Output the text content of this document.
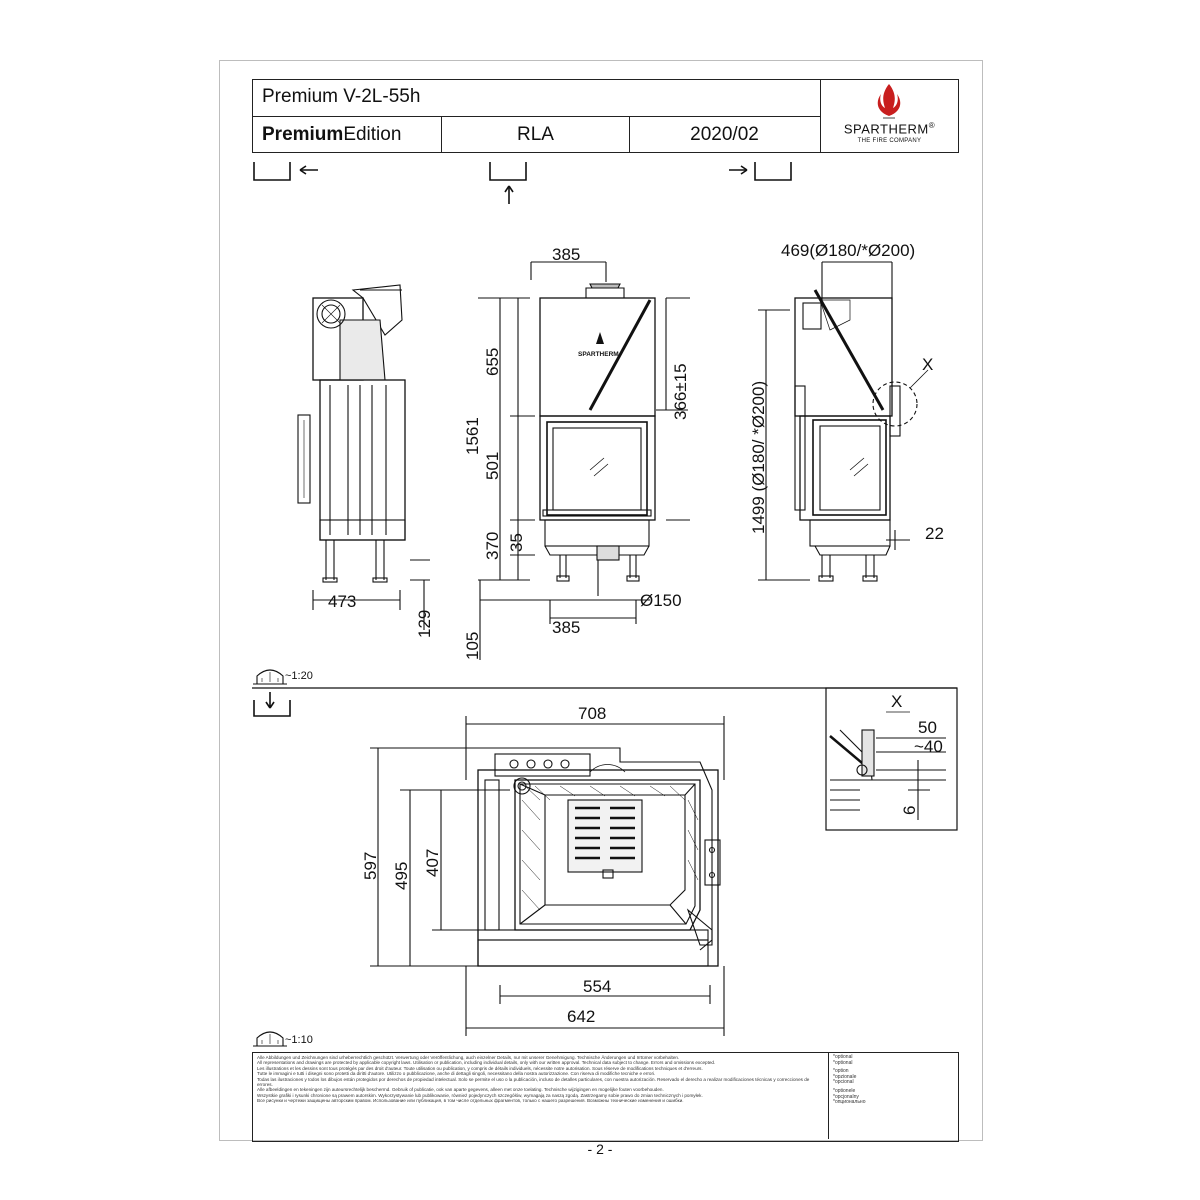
Premium V-2L-55h
PremiumEdition	RLA	2020/02	SPARTHERM®
THE FIRE COMPANY
473
129
385
655
1561
501
370 35
105
385
Ø150
366±15
469(Ø180/*Ø200)
1499 (Ø180/ *Ø200)
X
22
708
597 495 407
554
642
X
50
~40
6
SPARTHERM
~1:20
~1:10
Alle Abbildungen und Zeichnungen sind urheberrechtlich geschützt. Verwertung oder Veröffentlichung, auch einzelner Details, nur mit unserer Genehmigung. Technische Änderungen und Irrtümer vorbehalten.
All representations and drawings are protected by applicable copyright laws. Utilisation or publication, including individual details, only with our written approval. Technical data subject to change. Errors and omissions excepted.
Les illustrations et les dessins sont tous protégés par des droit d'auteur. Toute utilisation ou publication, y compris de détails individuels, nécessite notre autorisation. Sous réserve de modifications techniques et d'erreurs.
Tutte le immagini e tutti i disegni sono protetti da diritti d'autore. Utilizzo o pubblicazione, anche di dettagli singoli, necessitano della nostra autorizzazione. Con riserva di modifiche tecniche e errori.
Todas las ilustraciones y todos los dibujos están protegidos por derechos de propiedad intelectual. Solo se permite el uso o la publicación, incluso de detalles particulares, con nuestra autorización. Reservado el derecho a realizar modificaciones técnicas y correcciones de errores.
Alle afbeeldingen en tekeningen zijn auteursrechtelijk beschermd. Gebruik of publicatie, ook van aparte gegevens, alleen met onze toelating. Technische wijzigingen en mogelijke fouten voorbehouden.
Wszystkie grafiki i rysunki chronione są prawem autorskim. Wykorzystywanie lub publikowanie, również pojedynczych szczegółów, wymagają za naszą zgodą. Zastrzegamy sobie prawo do zmian technicznych i pomyłek.
Все рисунки и чертежи защищены авторским правом. Использование или публикация, в том числе отдельных фрагментов, только с нашего разрешения. Возможны технические изменения и ошибки.
*optional
*optional
*option
*opzionale
*opcional
*optionele
*opcjonalny
*опционально
- 2 -
